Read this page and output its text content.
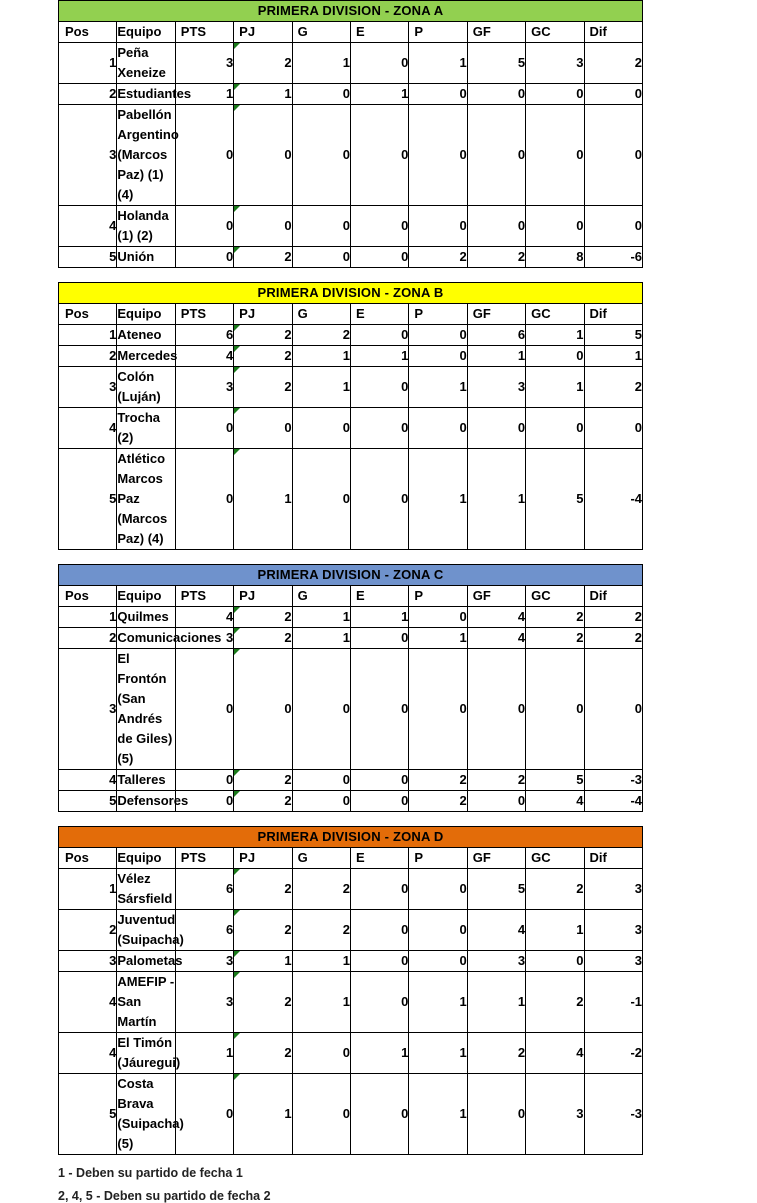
PRIMERA DIVISION - ZONA A									
Pos	Equipo	PTS	PJ	G	E	P	GF	GC	Dif
1	Peña Xeneize	3	2	1	0	1	5	3	2
2	Estudiantes	1	1	0	1	0	0	0	0
3	Pabellón Argentino (Marcos Paz) (1) (4)	0	0	0	0	0	0	0	0
4	Holanda (1) (2)	0	0	0	0	0	0	0	0
5	Unión	0	2	0	0	2	2	8	-6
PRIMERA DIVISION - ZONA B									
Pos	Equipo	PTS	PJ	G	E	P	GF	GC	Dif
1	Ateneo	6	2	2	0	0	6	1	5
2	Mercedes	4	2	1	1	0	1	0	1
3	Colón (Luján)	3	2	1	0	1	3	1	2
4	Trocha (2)	0	0	0	0	0	0	0	0
5	Atlético Marcos Paz (Marcos Paz) (4)	0	1	0	0	1	1	5	-4
PRIMERA DIVISION - ZONA C									
Pos	Equipo	PTS	PJ	G	E	P	GF	GC	Dif
1	Quilmes	4	2	1	1	0	4	2	2
2	Comunicaciones	3	2	1	0	1	4	2	2
3	El Frontón (San Andrés de Giles) (5)	0	0	0	0	0	0	0	0
4	Talleres	0	2	0	0	2	2	5	-3
5	Defensores	0	2	0	0	2	0	4	-4
PRIMERA DIVISION - ZONA D									
Pos	Equipo	PTS	PJ	G	E	P	GF	GC	Dif
1	Vélez Sársfield	6	2	2	0	0	5	2	3
2	Juventud (Suipacha)	6	2	2	0	0	4	1	3
3	Palometas	3	1	1	0	0	3	0	3
4	AMEFIP - San Martín	3	2	1	0	1	1	2	-1
4	El Timón (Jáuregui)	1	2	0	1	1	2	4	-2
5	Costa Brava (Suipacha) (5)	0	1	0	0	1	0	3	-3
1 - Deben su partido de fecha 1
2, 4, 5 - Deben su partido de fecha 2
